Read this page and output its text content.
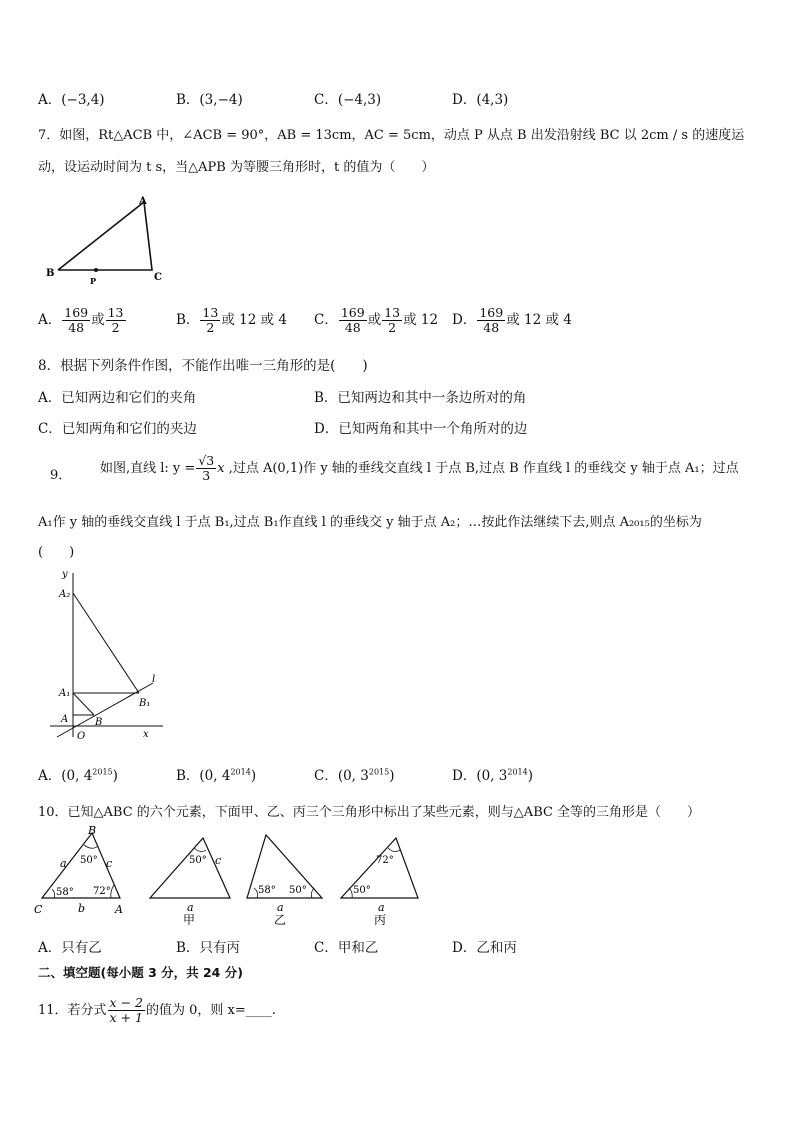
A．(−3,4)	B．(3,−4)	C．(−4,3)	D．(4,3)
7．如图，Rt△ACB 中，∠ACB = 90°，AB = 13cm，AC = 5cm，动点 P 从点 B 出发沿射线 BC 以 2cm / s 的速度运
动，设运动时间为 t s，当△APB 为等腰三角形时，t 的值为（　　）
A
B	C
P
A． $\frac{169}{48}$ 或 $\frac{13}{2}$	B． $\frac{13}{2}$ 或 12 或 4 C． $\frac{169}{48}$ 或 $\frac{13}{2}$ 或 12 D． $\frac{169}{48}$ 或 12 或 4
8．根据下列条件作图，不能作出唯一三角形的是(　　)
A．已知两边和它们的夹角	B．已知两边和其中一条边所对的角
C．已知两角和它们的夹边	D．已知两角和其中一个角所对的边
9． 如图,直线 l: $y = \frac{√3}{3}$ x ,过点 A(0,1)作 y 轴的垂线交直线 l 于点 B,过点 B 作直线 l 的垂线交 y 轴于点 A₁；过点
A₁作 y 轴的垂线交直线 l 于点 B₁,过点 B₁作直线 l 的垂线交 y 轴于点 A₂；…按此作法继续下去,则点 A₂₀₁₅的坐标为
(　　)
y
x
O
A	B
A₁
B₁
A₂
l
A．(0, $4^{2015}$)	B．(0, $4^{2014}$)	C．(0, $3^{2015}$)	D．(0, $3^{2014}$)
10．已知△ABC 的六个元素，下面甲、乙、丙三个三角形中标出了某些元素，则与△ABC 全等的三角形是（　　）
B
C	A
a
b
c
50°
58° 72°
50° c
a
甲
58° 50°
a
乙
72°
50°
a
丙
A．只有乙	B．只有丙	C．甲和乙	D．乙和丙
二、填空题(每小题 3 分，共 24 分)
11．若分式 $\frac{x - 2}{x + 1}$ 的值为 0，则 x=____.
